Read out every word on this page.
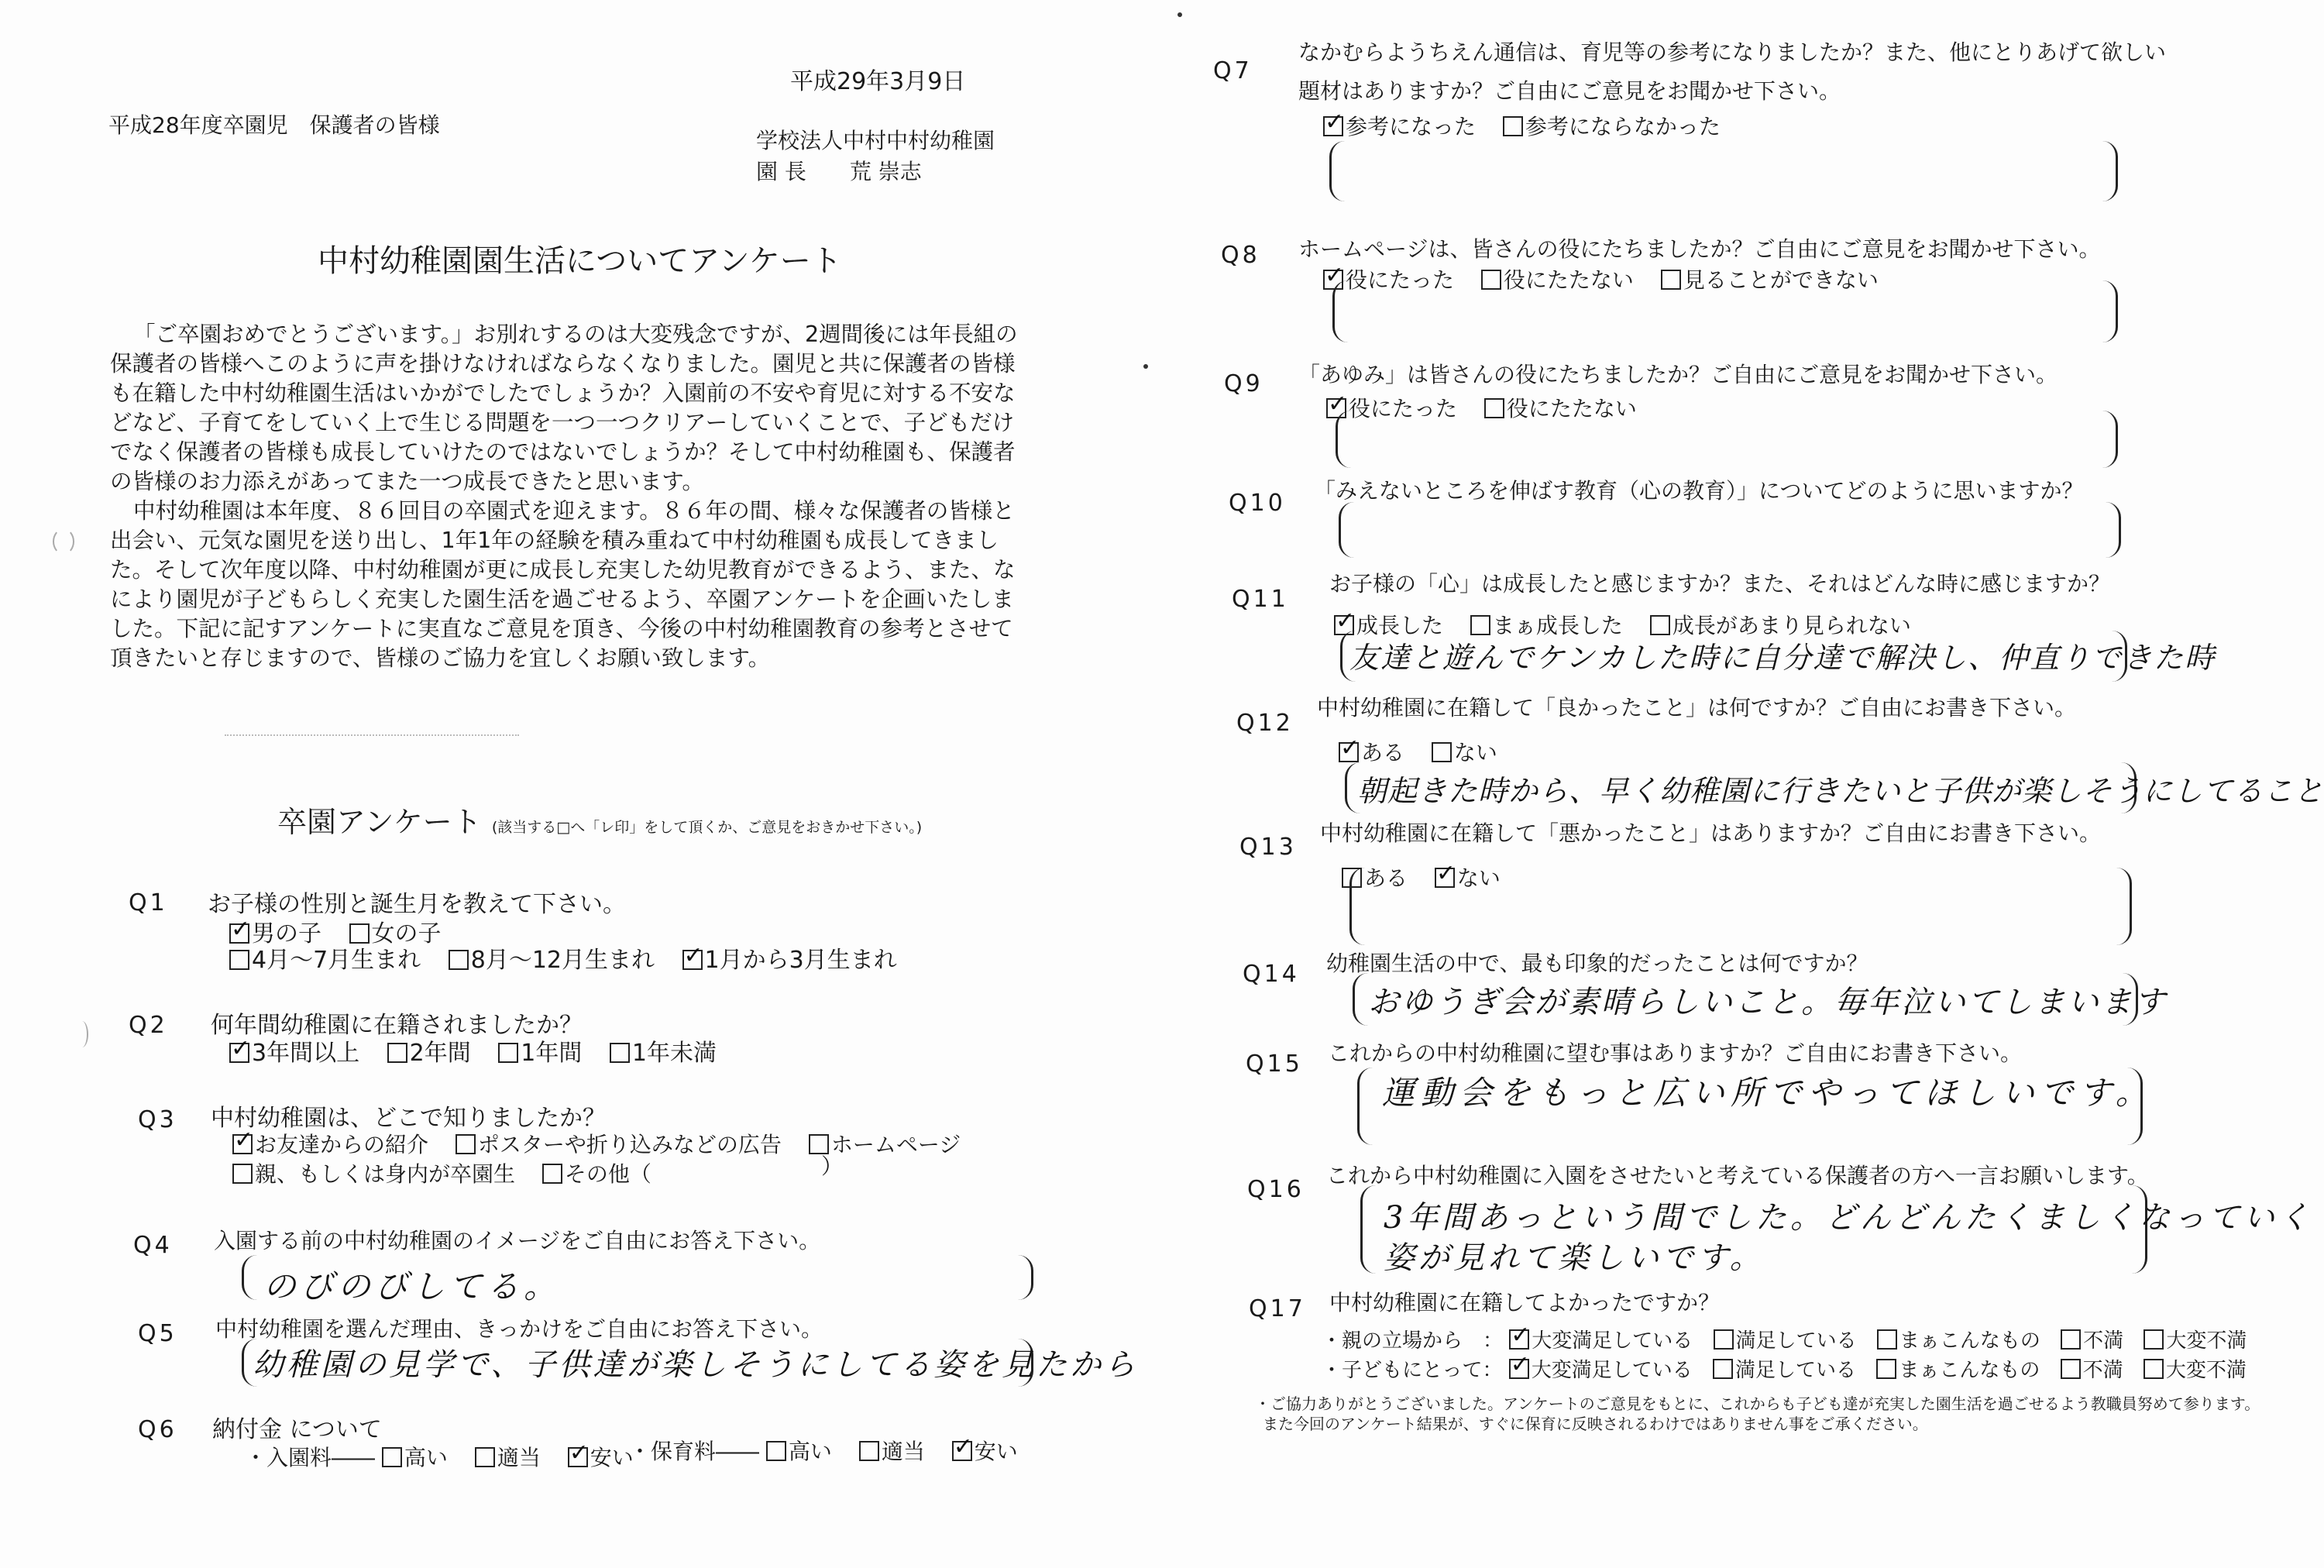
平成29年3月9日
平成28年度卒園児　保護者の皆様
学校法人中村中村幼稚園
園 長　　荒 崇志
中村幼稚園園生活についてアンケート

「ご卒園おめでとうございます。」お別れするのは大変残念ですが、2週間後には年長組の保護者の皆様へこのように声を掛けなければならなくなりました。園児と共に保護者の皆様も在籍した中村幼稚園生活はいかがでしたでしょうか？入園前の不安や育児に対する不安などなど、子育てをしていく上で生じる問題を一つ一つクリアーしていくことで、子どもだけでなく保護者の皆様も成長していけたのではないでしょうか？そして中村幼稚園も、保護者の皆様のお力添えがあってまた一つ成長できたと思います。

中村幼稚園は本年度、８６回目の卒園式を迎えます。８６年の間、様々な保護者の皆様と出会い、元気な園児を送り出し、1年1年の経験を積み重ねて中村幼稚園も成長してきました。そして次年度以降、中村幼稚園が更に成長し充実した幼児教育ができるよう、また、なにより園児が子どもらしく充実した園生活を過ごせるよう、卒園アンケートを企画いたしました。下記に記すアンケートに実直なご意見を頂き、今後の中村幼稚園教育の参考とさせて頂きたいと存じますので、皆様のご協力を宜しくお願い致します。

卒園アンケート (該当する□へ「レ印」をして頂くか、ご意見をおきかせ下さい。)
Q1 お子様の性別と誕生月を教えて下さい。
✓男の子 女の子
4月～7月生まれ 8月～12月生まれ ✓ 1月から3月生まれ
Q2 何年間幼稚園に在籍されましたか？
✓3年間以上 2年間 1年間 1年未満
Q3 中村幼稚園は、どこで知りましたか？
✓お友達からの紹介 ポスターや折り込みなどの広告 ホームページ
親、もしくは身内が卒園生 その他（	）
Q4 入園する前の中村幼稚園のイメージをご自由にお答え下さい。
のびのびしてる。
Q5 中村幼稚園を選んだ理由、きっかけをご自由にお答え下さい。
幼稚園の見学で、子供達が楽しそうにしてる姿を見たから
Q6 納付金 について
・入園料―― 高い 適当 ✓ 安い
・保育料―― 高い 適当 ✓ 安い
Q7
なかむらようちえん通信は、育児等の参考になりましたか？また、他にとりあげて欲しい
題材はありますか？ご自由にご意見をお聞かせ下さい。
✓参考になった 参考にならなかった
Q8 ホームページは、皆さんの役にたちましたか？ご自由にご意見をお聞かせ下さい。
✓役にたった 役にたたない 見ることができない
Q9 「あゆみ」は皆さんの役にたちましたか？ご自由にご意見をお聞かせ下さい。
✓役にたった 役にたたない
Q10 「みえないところを伸ばす教育（心の教育）」についてどのように思いますか？
Q11
お子様の「心」は成長したと感じますか？また、それはどんな時に感じますか？
✓成長した まぁ成長した 成長があまり見られない
友達と遊んでケンカした時に自分達で解決し、仲直りできた時
Q12
中村幼稚園に在籍して「良かったこと」は何ですか？ご自由にお書き下さい。
✓ある ない
朝起きた時から、早く幼稚園に行きたいと子供が楽しそうにしてること
Q13
中村幼稚園に在籍して「悪かったこと」はありますか？ご自由にお書き下さい。
ある ✓ ない
Q14 幼稚園生活の中で、最も印象的だったことは何ですか？
おゆうぎ会が素晴らしいこと。毎年泣いてしまいます
Q15 これからの中村幼稚園に望む事はありますか？ご自由にお書き下さい。
運動会をもっと広い所でやってほしいです。
Q16
これから中村幼稚園に入園をさせたいと考えている保護者の方へ一言お願いします。
3年間あっという間でした。どんどんたくましくなっていく
姿が見れて楽しいです。
Q17 中村幼稚園に在籍してよかったですか？
・親の立場から　： ✓ 大変満足している 満足している まぁこんなもの 不満 大変不満
・子どもにとって： ✓ 大変満足している 満足している まぁこんなもの 不満 大変不満
・ご協力ありがとうございました。アンケートのご意見をもとに、これからも子ども達が充実した園生活を過ごせるよう教職員努めて参ります。
また今回のアンケート結果が、すぐに保育に反映されるわけではありません事をご承ください。
